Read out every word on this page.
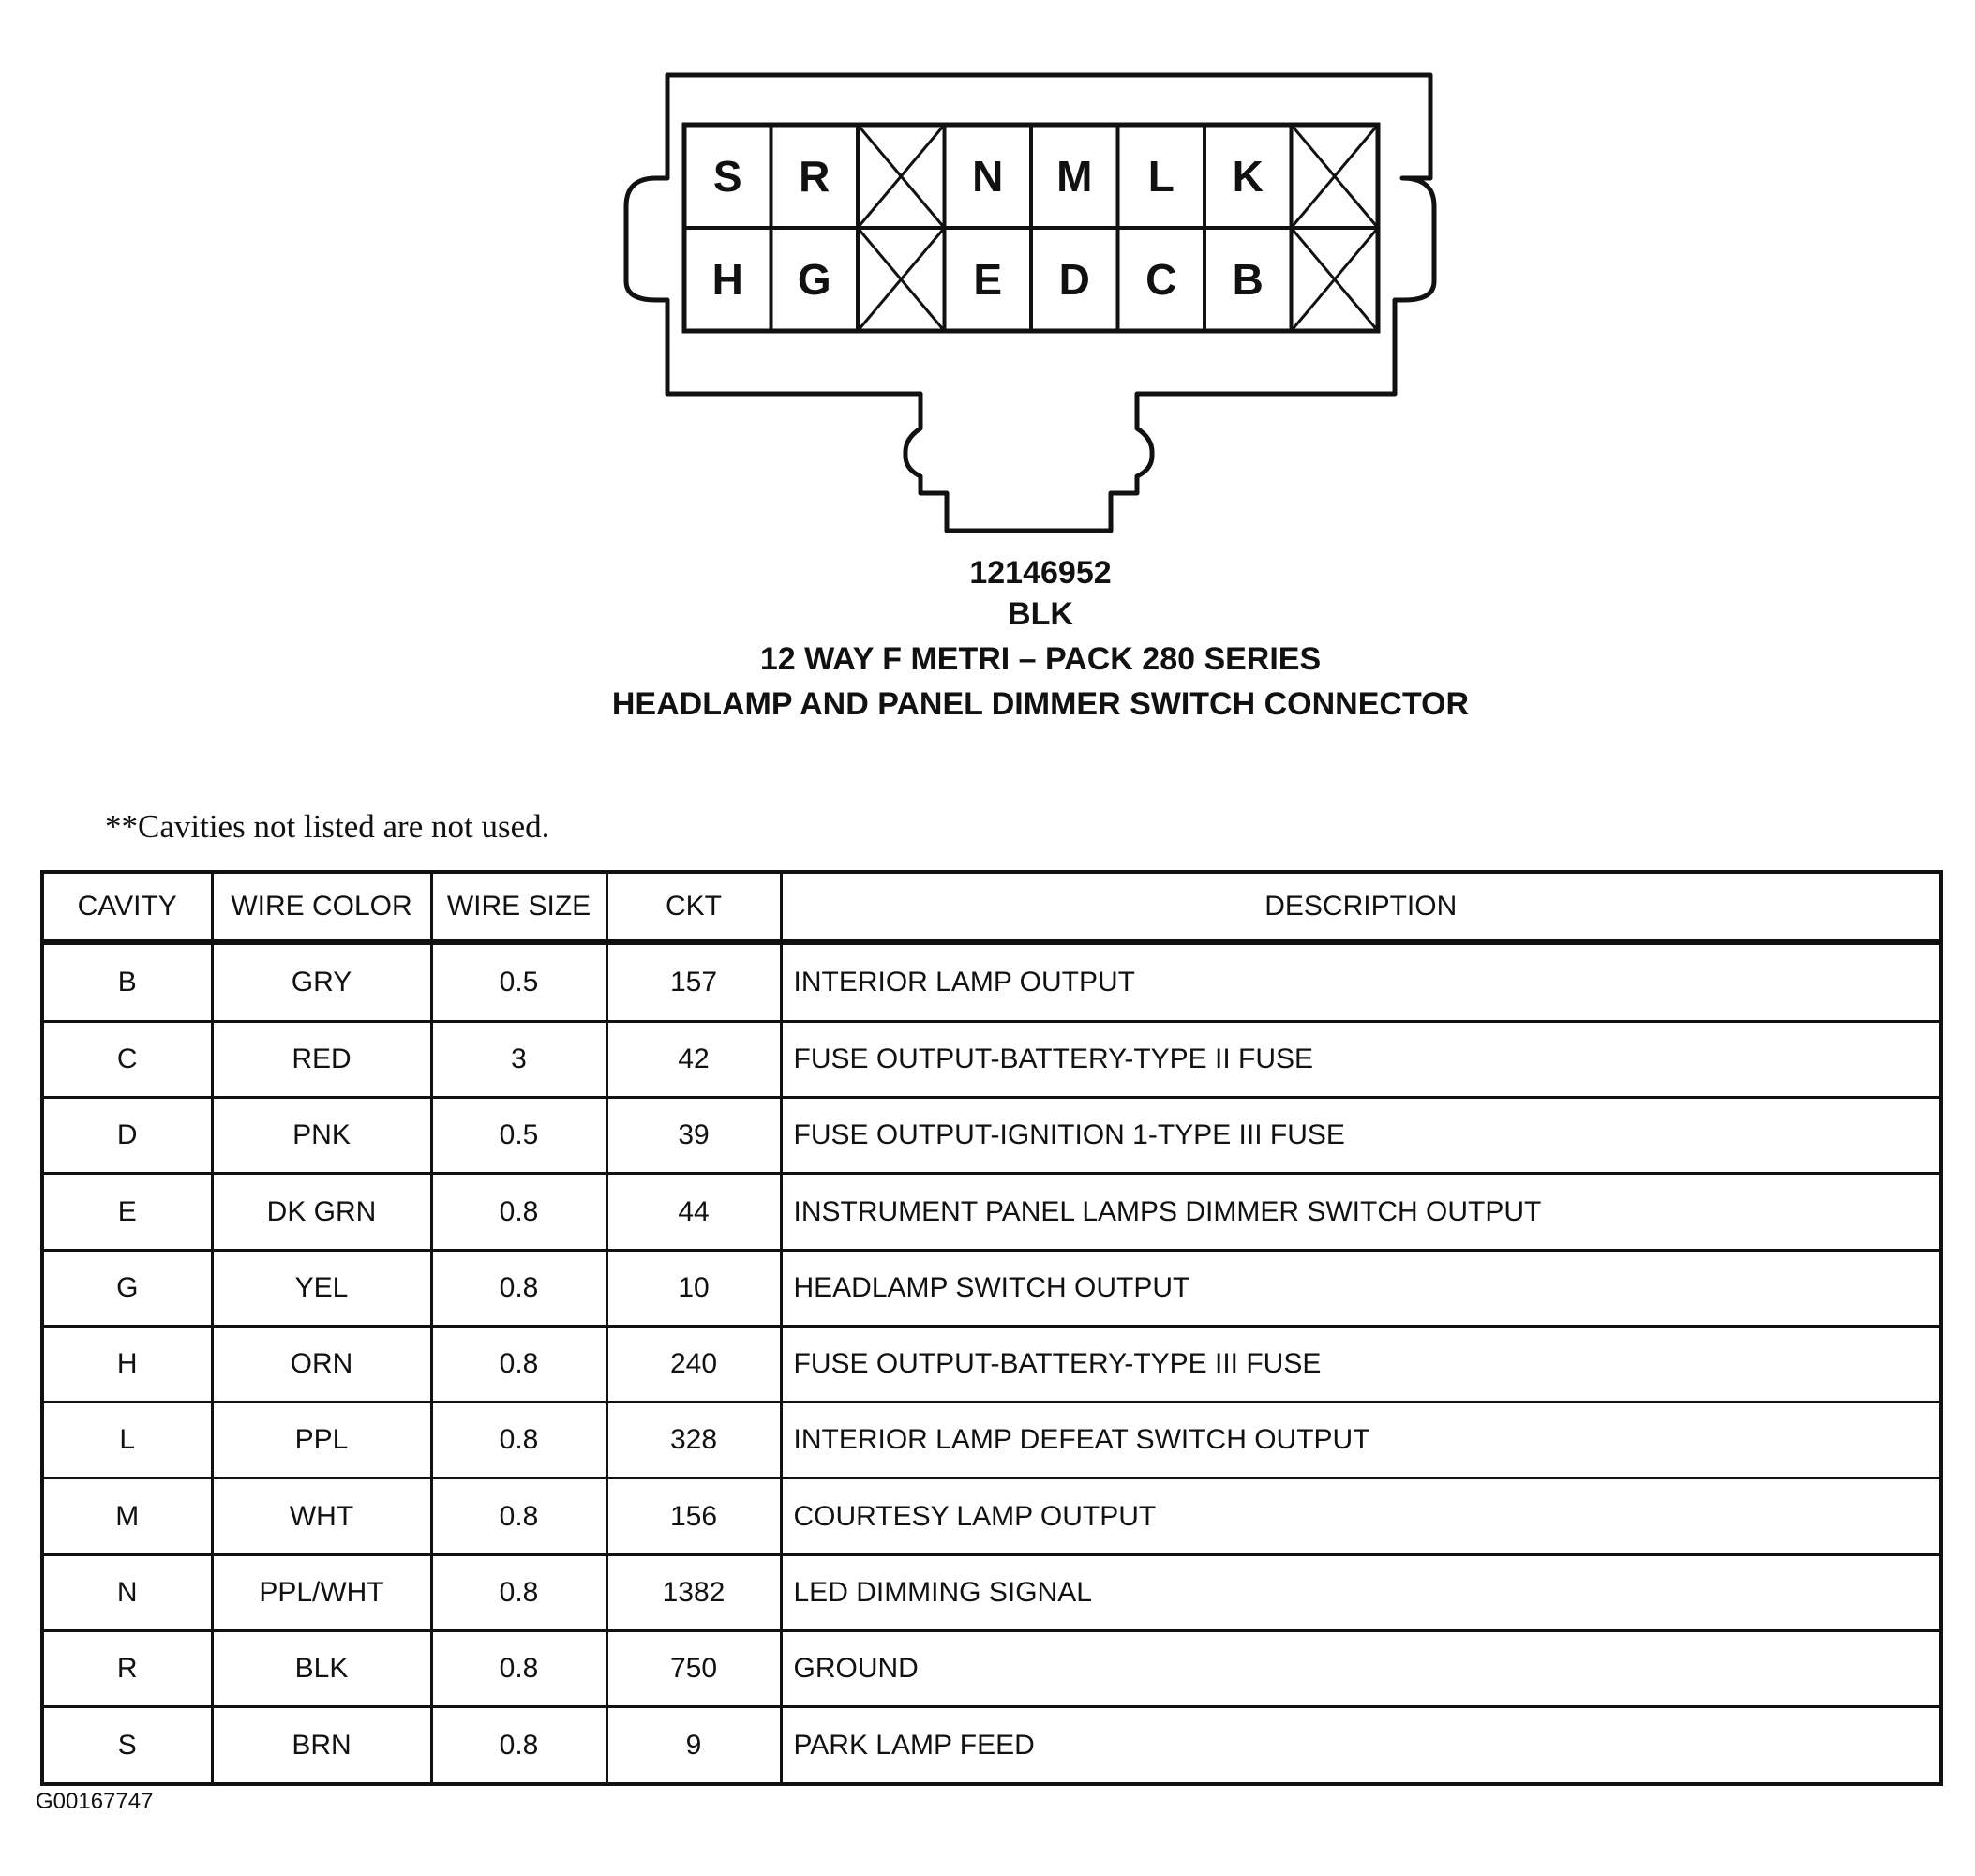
S R	N M L K
H G	E D C B
12146952
BLK
12 WAY F METRI – PACK 280 SERIES
HEADLAMP AND PANEL DIMMER SWITCH CONNECTOR
**Cavities not listed are not used.
CAVITY	WIRE COLOR	WIRE SIZE	CKT	DESCRIPTION
B	GRY	0.5	157	INTERIOR LAMP OUTPUT
C	RED	3	42	FUSE OUTPUT-BATTERY-TYPE II FUSE
D	PNK	0.5	39	FUSE OUTPUT-IGNITION 1-TYPE III FUSE
E	DK GRN	0.8	44	INSTRUMENT PANEL LAMPS DIMMER SWITCH OUTPUT
G	YEL	0.8	10	HEADLAMP SWITCH OUTPUT
H	ORN	0.8	240	FUSE OUTPUT-BATTERY-TYPE III FUSE
L	PPL	0.8	328	INTERIOR LAMP DEFEAT SWITCH OUTPUT
M	WHT	0.8	156	COURTESY LAMP OUTPUT
N	PPL/WHT	0.8	1382	LED DIMMING SIGNAL
R	BLK	0.8	750	GROUND
S	BRN	0.8	9	PARK LAMP FEED
G00167747
